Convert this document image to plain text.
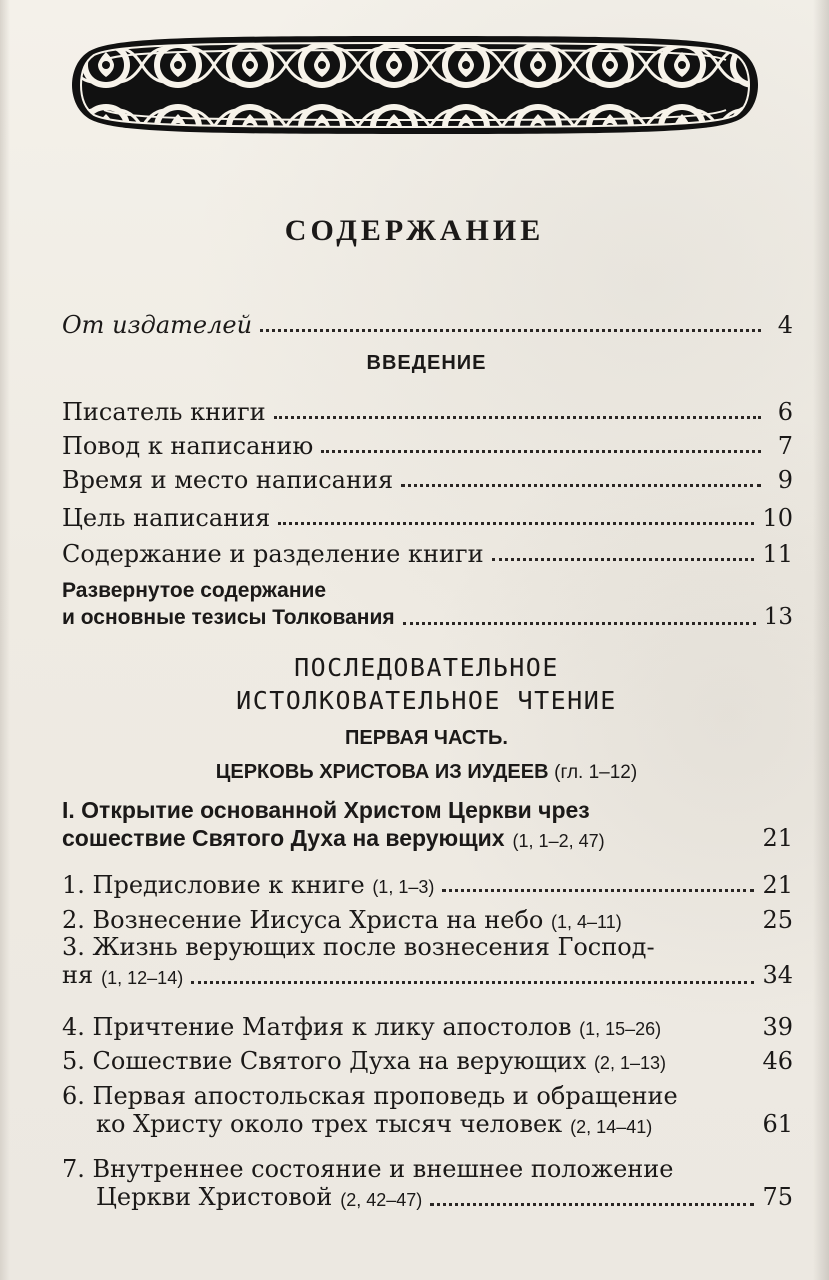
СОДЕРЖАНИЕ
От издателей	4
ВВЕДЕНИЕ
Писатель книги	6
Повод к написанию	7
Время и место написания	9
Цель написания	10
Содержание и разделение книги	11
Развернутое содержание
и основные тезисы Толкования	13
ПОСЛЕДОВАТЕЛЬНОЕ
ИСТОЛКОВАТЕЛЬНОЕ ЧТЕНИЕ
ПЕРВАЯ ЧАСТЬ.
ЦЕРКОВЬ ХРИСТОВА ИЗ ИУДЕЕВ (гл. 1–12)
I. Открытие основанной Христом Церкви чрез
сошествие Святого Духа на верующих (1, 1–2, 47)	21
1. Предисловие к книге (1, 1–3)	21
2. Вознесение Иисуса Христа на небо (1, 4–11)	25
3. Жизнь верующих после вознесения Господ-
ня (1, 12–14)	34
4. Причтение Матфия к лику апостолов (1, 15–26)	39
5. Сошествие Святого Духа на верующих (2, 1–13)	46
6. Первая апостольская проповедь и обращение
ко Христу около трех тысяч человек (2, 14–41)	61
7. Внутреннее состояние и внешнее положение
Церкви Христовой (2, 42–47)	75
